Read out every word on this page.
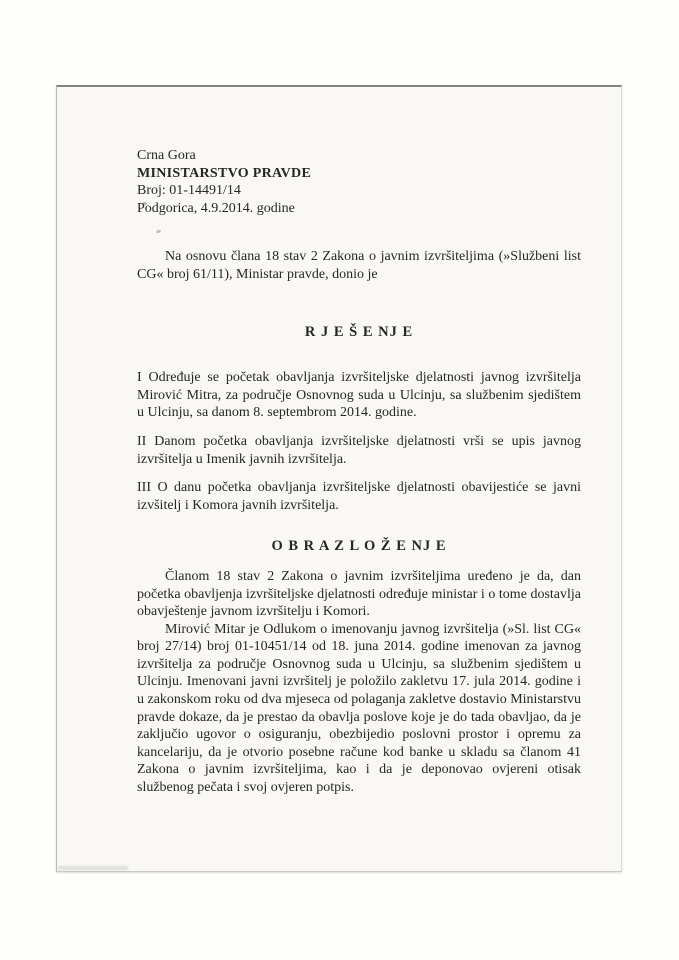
Crna Gora
MINISTARSTVO PRAVDE
Broj: 01-14491/14
Podgorica, 4.9.2014. godine

Na osnovu člana 18 stav 2 Zakona o javnim izvršiteljima (»Službeni list CG« broj 61/11), Ministar pravde, donio je

R J E Š E NJ E

I Određuje se početak obavljanja izvršiteljske djelatnosti javnog izvršitelja Mirović Mitra, za područje Osnovnog suda u Ulcinju, sa službenim sjedištem u Ulcinju, sa danom 8. septembrom 2014. godine.

II Danom početka obavljanja izvršiteljske djelatnosti vrši se upis javnog izvršitelja u Imenik javnih izvršitelja.

III O danu početka obavljanja izvršiteljske djelatnosti obavijestiće se javni izvšitelj i Komora javnih izvršitelja.

O B R A Z L O Ž E NJ E

Članom 18 stav 2 Zakona o javnim izvršiteljima uređeno je da, dan početka obavljenja izvršiteljske djelatnosti određuje ministar i o tome dostavlja obavještenje javnom izvršitelju i Komori.

Mirović Mitar je Odlukom o imenovanju javnog izvršitelja (»Sl. list CG« broj 27/14) broj 01-10451/14 od 18. juna 2014. godine imenovan za javnog izvršitelja za područje Osnovnog suda u Ulcinju, sa službenim sjedištem u Ulcinju. Imenovani javni izvršitelj je položilo zakletvu 17. jula 2014. godine i u zakonskom roku od dva mjeseca od polaganja zakletve dostavio Ministarstvu pravde dokaze, da je prestao da obavlja poslove koje je do tada obavljao, da je zaključio ugovor o osiguranju, obezbijedio poslovni prostor i opremu za kancelariju, da je otvorio posebne račune kod banke u skladu sa članom 41 Zakona o javnim izvršiteljima, kao i da je deponovao ovjereni otisak službenog pečata i svoj ovjeren potpis.
